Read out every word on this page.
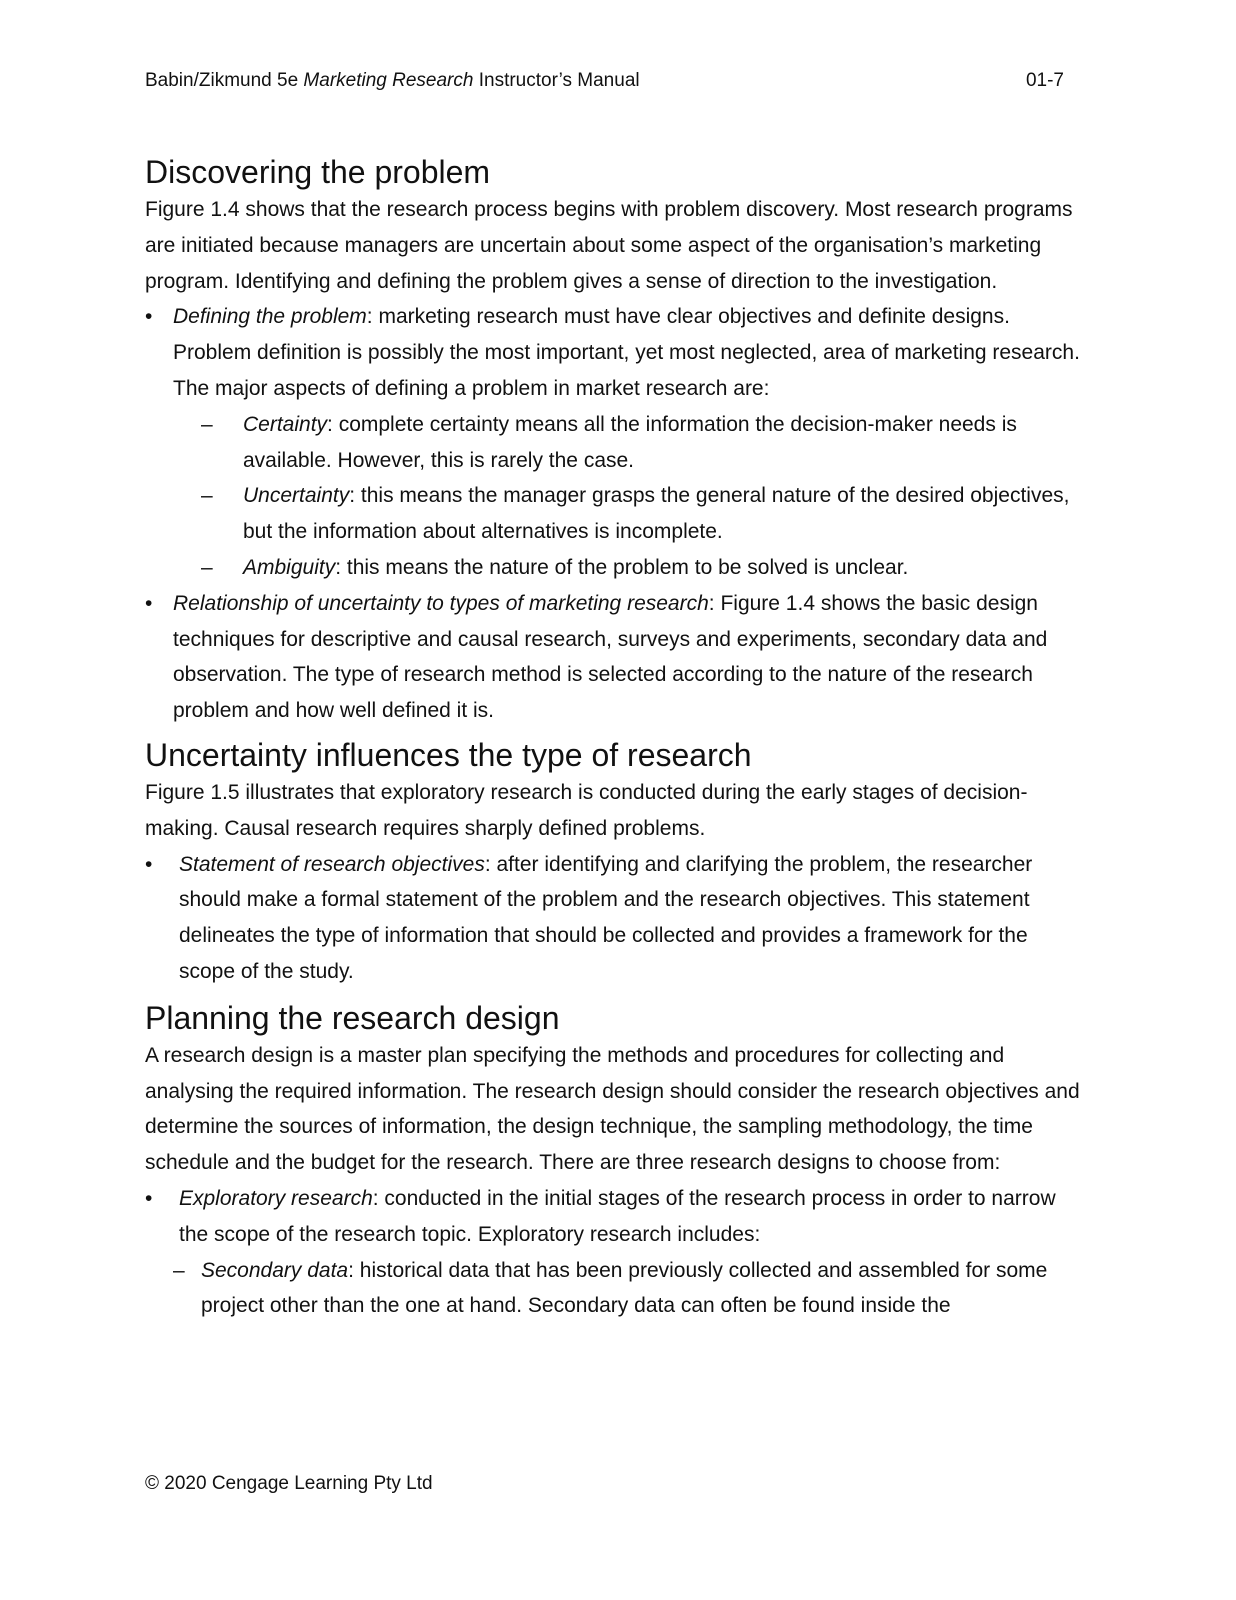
Babin/Zikmund 5e Marketing Research Instructor’s Manual	01-7
Discovering the problem

Figure 1.4 shows that the research process begins with problem discovery. Most research programs are initiated because managers are uncertain about some aspect of the organisation’s marketing program. Identifying and defining the problem gives a sense of direction to the investigation.

• Defining the problem: marketing research must have clear objectives and definite designs. Problem definition is possibly the most important, yet most neglected, area of marketing research. The major aspects of defining a problem in market research are:
– Certainty: complete certainty means all the information the decision-maker needs is available. However, this is rarely the case.
– Uncertainty: this means the manager grasps the general nature of the desired objectives, but the information about alternatives is incomplete.
– Ambiguity: this means the nature of the problem to be solved is unclear.
• Relationship of uncertainty to types of marketing research: Figure 1.4 shows the basic design techniques for descriptive and causal research, surveys and experiments, secondary data and observation. The type of research method is selected according to the nature of the research problem and how well defined it is.
Uncertainty influences the type of research

Figure 1.5 illustrates that exploratory research is conducted during the early stages of decision-making. Causal research requires sharply defined problems.

• Statement of research objectives: after identifying and clarifying the problem, the researcher should make a formal statement of the problem and the research objectives. This statement delineates the type of information that should be collected and provides a framework for the scope of the study.
Planning the research design

A research design is a master plan specifying the methods and procedures for collecting and analysing the required information. The research design should consider the research objectives and determine the sources of information, the design technique, the sampling methodology, the time schedule and the budget for the research. There are three research designs to choose from:

• Exploratory research: conducted in the initial stages of the research process in order to narrow the scope of the research topic. Exploratory research includes:
– Secondary data: historical data that has been previously collected and assembled for some project other than the one at hand. Secondary data can often be found inside the
© 2020 Cengage Learning Pty Ltd
